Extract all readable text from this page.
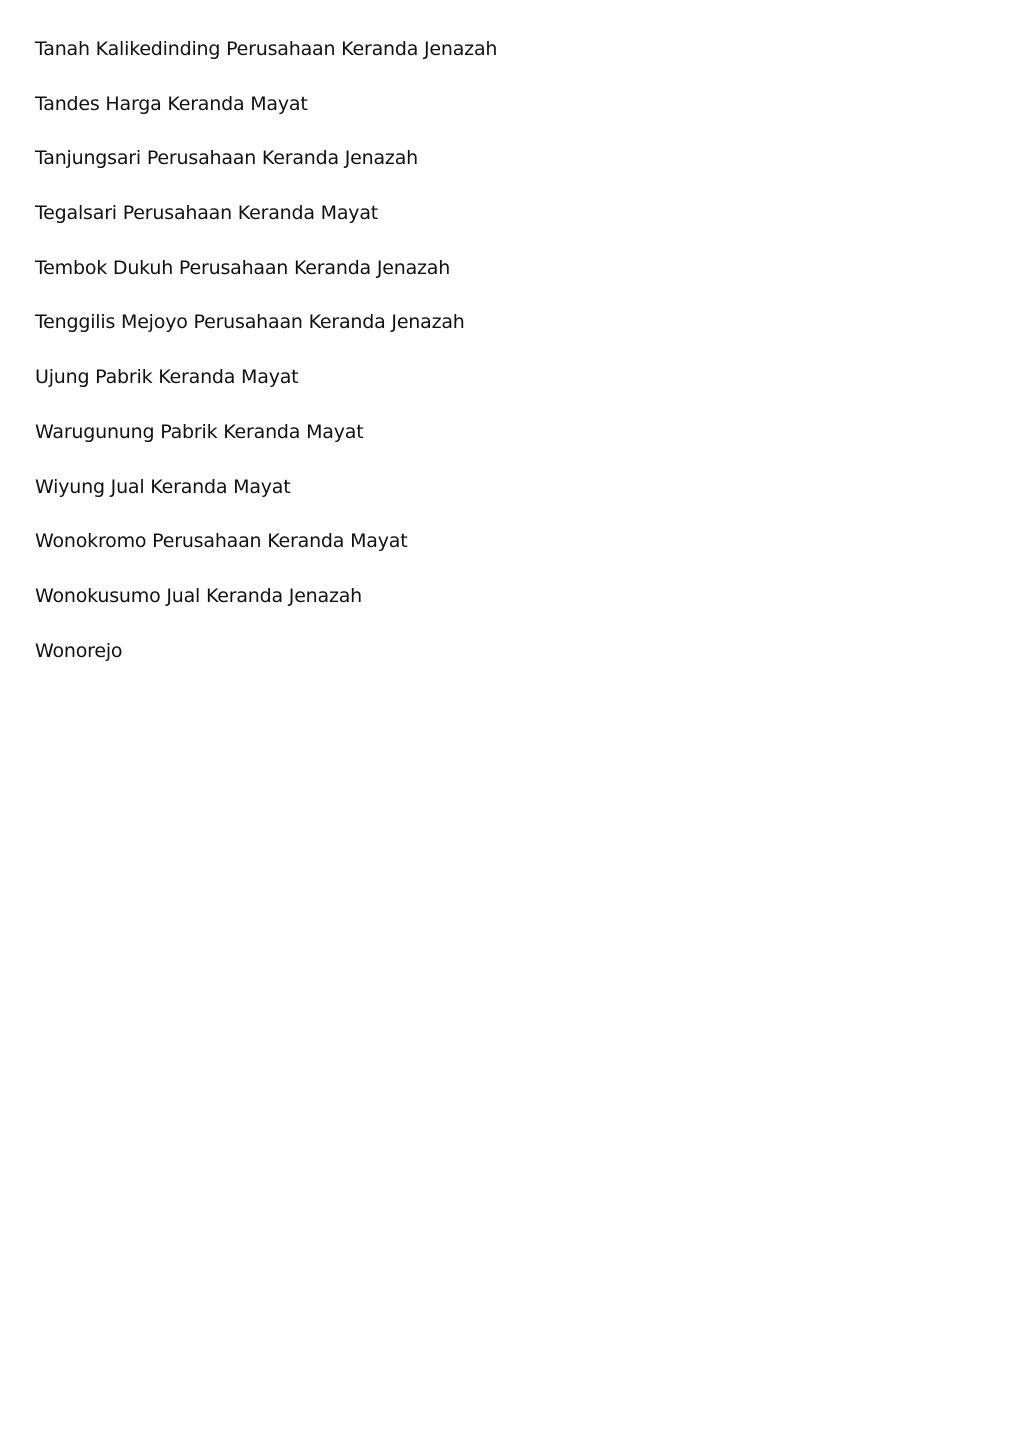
Tanah Kalikedinding Perusahaan Keranda Jenazah
Tandes Harga Keranda Mayat
Tanjungsari Perusahaan Keranda Jenazah
Tegalsari Perusahaan Keranda Mayat
Tembok Dukuh Perusahaan Keranda Jenazah
Tenggilis Mejoyo Perusahaan Keranda Jenazah
Ujung Pabrik Keranda Mayat
Warugunung Pabrik Keranda Mayat
Wiyung Jual Keranda Mayat
Wonokromo Perusahaan Keranda Mayat
Wonokusumo Jual Keranda Jenazah
Wonorejo
